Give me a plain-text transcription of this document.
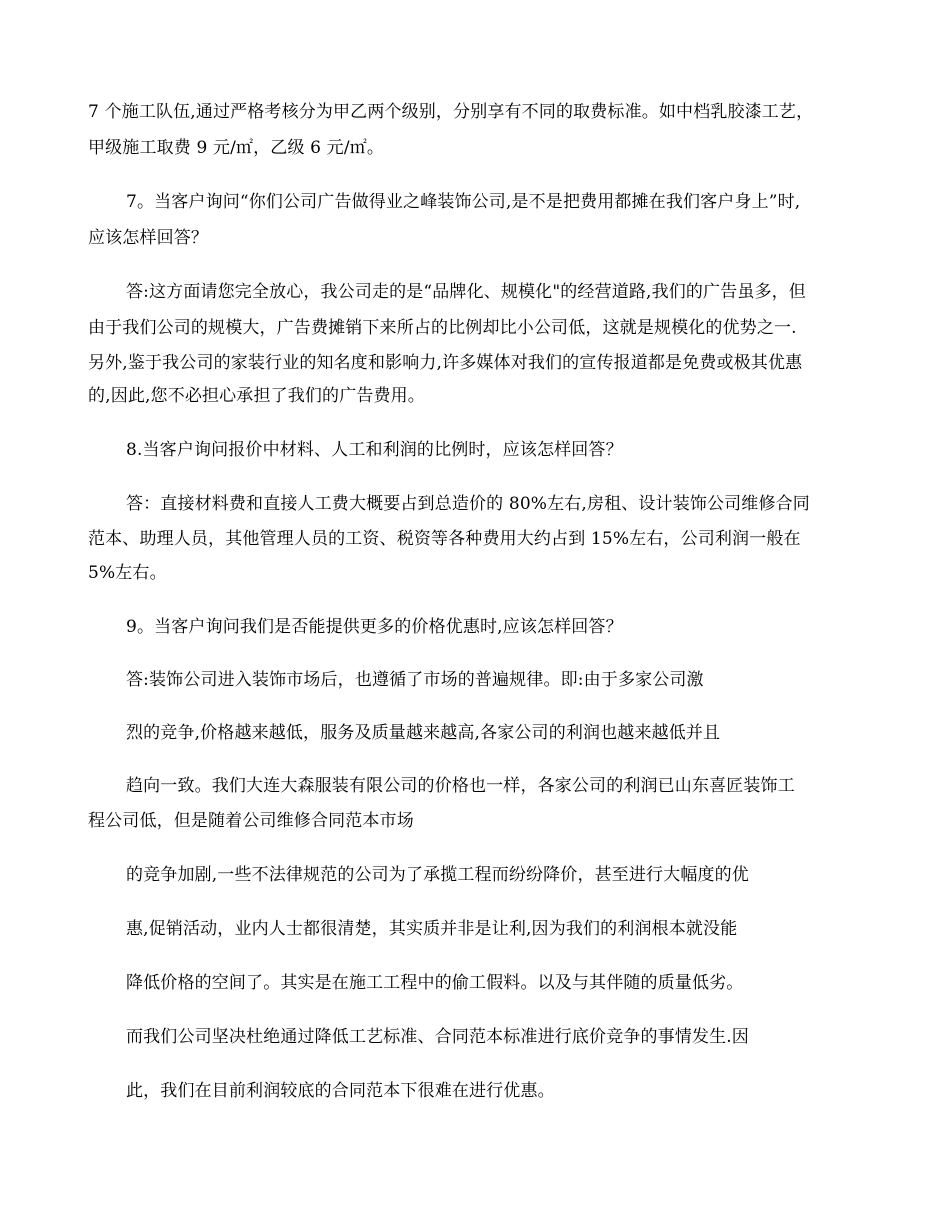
7 个施工队伍,通过严格考核分为甲乙两个级别，分别享有不同的取费标准。如中档乳胶漆工艺，
甲级施工取费 9 元/㎡，乙级 6 元/㎡。
7。当客户询问“你们公司广告做得业之峰装饰公司,是不是把费用都摊在我们客户身上”时,
应该怎样回答？
答:这方面请您完全放心，我公司走的是“品牌化、规模化"的经营道路,我们的广告虽多，但
由于我们公司的规模大，广告费摊销下来所占的比例却比小公司低，这就是规模化的优势之一.
另外,鉴于我公司的家装行业的知名度和影响力,许多媒体对我们的宣传报道都是免费或极其优惠
的,因此,您不必担心承担了我们的广告费用。
8.当客户询问报价中材料、人工和利润的比例时，应该怎样回答？
答：直接材料费和直接人工费大概要占到总造价的 80%左右,房租、设计装饰公司维修合同
范本、助理人员，其他管理人员的工资、税资等各种费用大约占到 15%左右，公司利润一般在
5%左右。
9。当客户询问我们是否能提供更多的价格优惠时,应该怎样回答？
答:装饰公司进入装饰市场后，也遵循了市场的普遍规律。即:由于多家公司激
烈的竞争,价格越来越低，服务及质量越来越高,各家公司的利润也越来越低并且
趋向一致。我们大连大森服装有限公司的价格也一样，各家公司的利润已山东喜匠装饰工
程公司低，但是随着公司维修合同范本市场
的竞争加剧,一些不法律规范的公司为了承揽工程而纷纷降价，甚至进行大幅度的优
惠,促销活动，业内人士都很清楚，其实质并非是让利,因为我们的利润根本就没能
降低价格的空间了。其实是在施工工程中的偷工假料。以及与其伴随的质量低劣。
而我们公司坚决杜绝通过降低工艺标准、合同范本标准进行底价竞争的事情发生.因
此，我们在目前利润较底的合同范本下很难在进行优惠。
